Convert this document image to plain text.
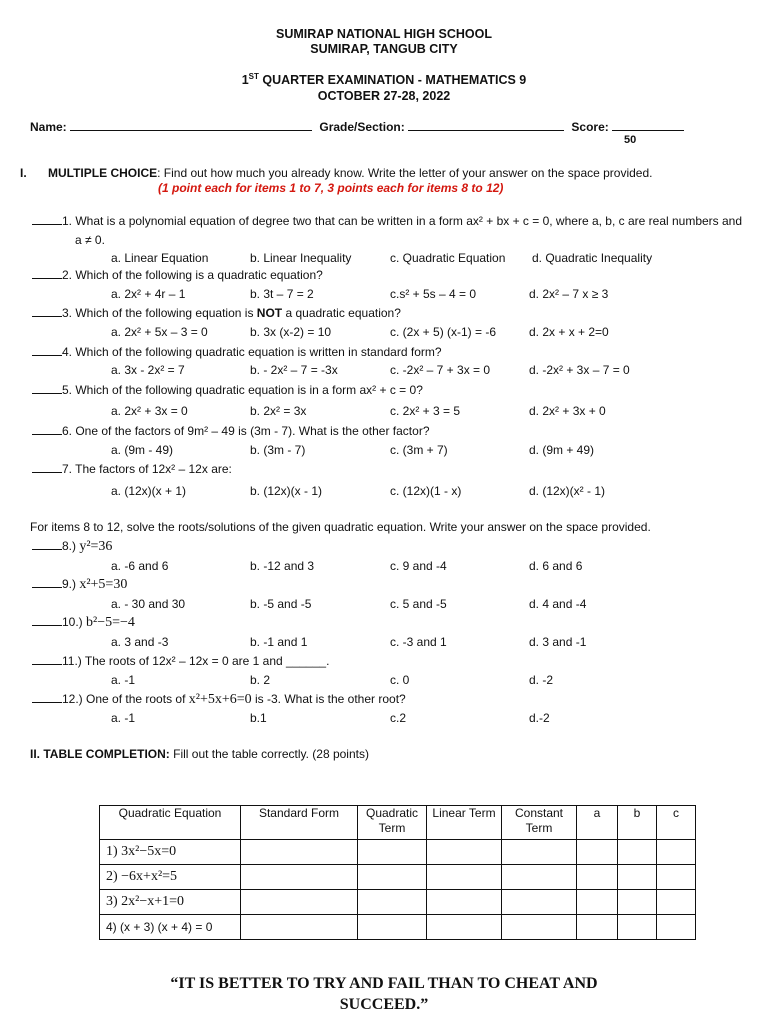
SUMIRAP NATIONAL HIGH SCHOOL
SUMIRAP, TANGUB CITY
1ST QUARTER EXAMINATION - MATHEMATICS 9
OCTOBER 27-28, 2022
Name:	Grade/Section:	Score:
50
I. MULTIPLE CHOICE: Find out how much you already know. Write the letter of your answer on the space provided.
(1 point each for items 1 to 7, 3 points each for items 8 to 12)
1. What is a polynomial equation of degree two that can be written in a form ax² + bx + c = 0, where a, b, c are real numbers and
a ≠ 0.
a. Linear Equation	b. Linear Inequality	c. Quadratic Equation d. Quadratic Inequality
2. Which of the following is a quadratic equation?
a. 2x² + 4r – 1	b. 3t – 7 = 2	c.s² + 5s – 4 = 0	d. 2x² – 7 x ≥ 3
3. Which of the following equation is NOT a quadratic equation?
a. 2x² + 5x – 3 = 0	b. 3x (x-2) = 10	c. (2x + 5) (x-1) = -6	d. 2x + x + 2=0
4. Which of the following quadratic equation is written in standard form?
a. 3x - 2x² = 7	b. - 2x² – 7 = -3x	c. -2x² – 7 + 3x = 0	d. -2x² + 3x – 7 = 0
5. Which of the following quadratic equation is in a form ax² + c = 0?
a. 2x² + 3x = 0	b. 2x² = 3x	c. 2x² + 3 = 5	d. 2x² + 3x + 0
6. One of the factors of 9m² – 49 is (3m - 7). What is the other factor?
a. (9m - 49)	b. (3m - 7)	c. (3m + 7)	d. (9m + 49)
7. The factors of 12x² – 12x are:
a. (12x)(x + 1)	b. (12x)(x - 1)	c. (12x)(1 - x)	d. (12x)(x² - 1)
For items 8 to 12, solve the roots/solutions of the given quadratic equation. Write your answer on the space provided.
8.) y²=36
a. -6 and 6	b. -12 and 3	c. 9 and -4	d. 6 and 6
9.) x²+5=30
a. - 30 and 30	b. -5 and -5	c. 5 and -5	d. 4 and -4
10.) b²−5=−4
a. 3 and -3	b. -1 and 1	c. -3 and 1	d. 3 and -1
11.) The roots of 12x² – 12x = 0 are 1 and ______.
a. -1	b. 2	c. 0	d. -2
12.) One of the roots of x²+5x+6=0 is -3. What is the other root?
a. -1	b.1	c.2	d.-2
II. TABLE COMPLETION: Fill out the table correctly. (28 points)
Quadratic Equation	Standard Form	Quadratic Term	Linear Term	Constant Term	a	b	c
1) 3x²−5x=0							
2) −6x+x²=5							
3) 2x²−x+1=0							
4) (x + 3) (x + 4) = 0							
“IT IS BETTER TO TRY AND FAIL THAN TO CHEAT AND
SUCCEED.”
